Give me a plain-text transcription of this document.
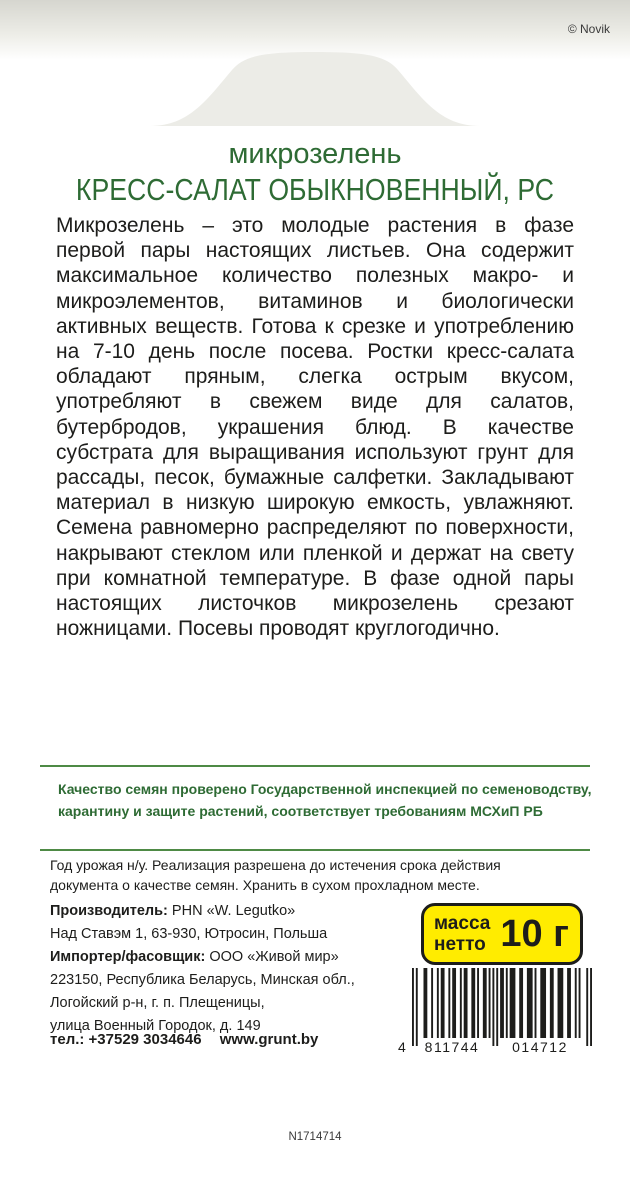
© Novik
микрозелень
КРЕСС-САЛАТ ОБЫКНОВЕННЫЙ, РС

Микрозелень – это молодые растения в фазе первой пары настоящих листьев. Она содержит максимальное количество полезных макро- и микроэлементов, витаминов и биологически активных веществ. Готова к срезке и употреблению на 7-10 день после посева. Ростки кресс-салата обладают пряным, слегка острым вкусом, употребляют в свежем виде для салатов, бутербродов, украшения блюд. В качестве субстрата для выращивания используют грунт для рассады, песок, бумажные салфетки. Закладывают материал в низкую широкую емкость, увлажняют. Семена равномерно распределяют по поверхности, накрывают стеклом или пленкой и держат на свету при комнатной температуре. В фазе одной пары настоящих листочков микрозелень срезают ножницами. Посевы проводят круглогодично.

Качество семян проверено Государственной инспекцией по семеноводству, карантину и защите растений, соответствует требованиям МСХиП РБ
Год урожая н/у. Реализация разрешена до истечения срока действия документа о качестве семян. Хранить в сухом прохладном месте.
Производитель: PHN «W. Legutko»
Над Ставэм 1, 63-930, Ютросин, Польша
Импортер/фасовщик: ООО «Живой мир»
223150, Республика Беларусь, Минская обл.,
Логойский р-н, г. п. Плещеницы,
улица Военный Городок, д. 149
тел.: +37529 3034646 www.grunt.by
масса
нетто 10 г
4 811744 014712
N1714714
